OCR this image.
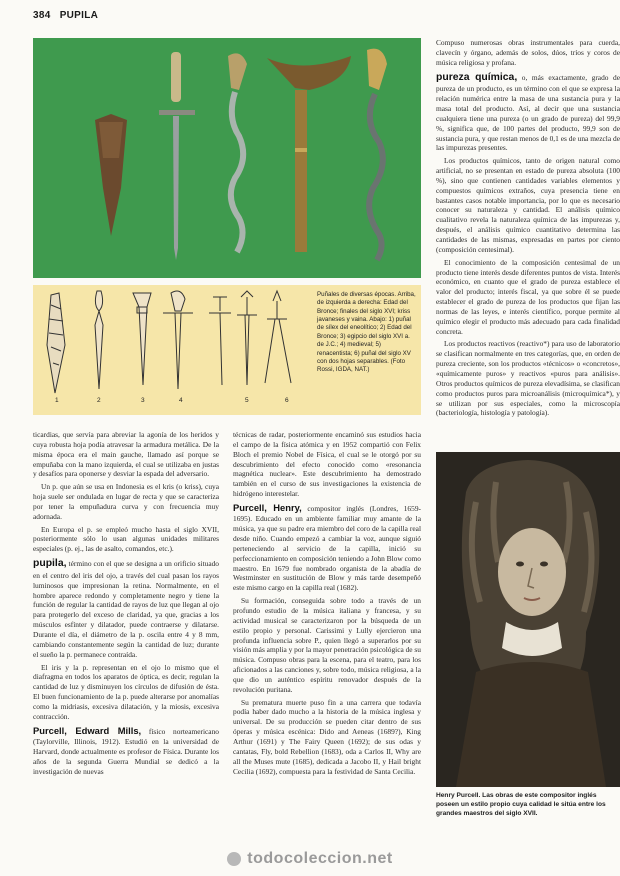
384 PUPILA
1	2	3	4	5	6
Puñales de diversas épocas. Arriba, de izquierda a derecha: Edad del Bronce; finales del siglo XVI; kriss javaneses y vaina. Abajo: 1) puñal de sílex del eneolítico; 2) Edad del Bronce; 3) egipcio del siglo XVI a. de J.C.; 4) medieval; 5) renacentista; 6) puñal del siglo XV con dos hojas separables. (Foto Rossi, IGDA, NAT.)

ticardias, que servía para abreviar la agonía de los heridos y cuya robusta hoja podía atravesar la armadura metálica. De la misma época era el main gauche, llamado así porque se empuñaba con la mano izquierda, el cual se utilizaba en justas y desafíos para oponerse y desviar la espada del adversario.

Un p. que aún se usa en Indonesia es el kris (o kriss), cuya hoja suele ser ondulada en lugar de recta y que se caracteriza por tener la empuñadura curva y con frecuencia muy adornada.

En Europa el p. se empleó mucho hasta el siglo XVII, posteriormente sólo lo usan algunas unidades militares especiales (p. ej., las de asalto, comandos, etc.).

pupila, término con el que se designa a un orificio situado en el centro del iris del ojo, a través del cual pasan los rayos luminosos que impresionan la retina. Normalmente, en el hombre aparece redondo y completamente negro y tiene la función de regular la cantidad de rayos de luz que llegan al ojo para protegerlo del exceso de claridad, ya que, gracias a los músculos esfínter y dilatador, puede contraerse y dilatarse. Durante el día, el diámetro de la p. oscila entre 4 y 8 mm, cambiando constantemente según la cantidad de luz; durante el sueño la p. permanece contraída.

El iris y la p. representan en el ojo lo mismo que el diafragma en todos los aparatos de óptica, es decir, regulan la cantidad de luz y disminuyen los círculos de difusión de ésta. El buen funcionamiento de la p. puede alterarse por anomalías como la midriasis, excesiva dilatación, y la miosis, excesiva contracción.

Purcell, Edward Mills, físico norteamericano (Taylorville, Illinois, 1912). Estudió en la universidad de Harvard, donde actualmente es profesor de Física. Durante los años de la segunda Guerra Mundial se dedicó a la investigación de nuevas

técnicas de radar, posteriormente encaminó sus estudios hacia el campo de la física atómica y en 1952 compartió con Felix Bloch el premio Nobel de Física, el cual se le otorgó por su descubrimiento del efecto conocido como «resonancia magnética nuclear». Este descubrimiento ha demostrado también en el curso de sus investigaciones la existencia de hidrógeno interestelar.

Purcell, Henry, compositor inglés (Londres, 1659-1695). Educado en un ambiente familiar muy amante de la música, ya que su padre era miembro del coro de la capilla real desde niño. Cuando empezó a cambiar la voz, aunque siguió perteneciendo al servicio de la capilla, inició su perfeccionamiento en composición teniendo a John Blow como maestro. En 1679 fue nombrado organista de la abadía de Westminster en sustitución de Blow y más tarde desempeñó este mismo cargo en la capilla real (1682).

Su formación, conseguida sobre todo a través de un profundo estudio de la música italiana y francesa, y su actividad musical se caracterizaron por la búsqueda de un estilo propio y personal. Carissimi y Lully ejercieron una profunda influencia sobre P., quien llegó a superarlos por su visión más amplia y por la mayor penetración psicológica de su música. Compuso obras para la escena, para el teatro, para los aficionados a las canciones y, sobre todo, música religiosa, a la que dio un auténtico espíritu renovador después de la revolución puritana.

Su prematura muerte puso fin a una carrera que todavía podía haber dado mucho a la historia de la música inglesa y universal. De su producción se pueden citar dentro de sus óperas y música escénica: Dido and Aeneas (1689?), King Arthur (1691) y The Fairy Queen (1692); de sus odas y cantatas, Fly, bold Rebellion (1683), oda a Carlos II, Why are all the Muses mute (1685), dedicada a Jacobo II, y Hail bright Cecilia (1692), compuesta para la festividad de Santa Cecilia.

Compuso numerosas obras instrumentales para cuerda, clavecín y órgano, además de solos, dúos, tríos y coros de música religiosa y profana.

pureza química, o, más exactamente, grado de pureza de un producto, es un término con el que se expresa la relación numérica entre la masa de una sustancia pura y la masa total del producto. Así, al decir que una sustancia cualquiera tiene una pureza (o un grado de pureza) del 99,9 %, significa que, de 100 partes del producto, 99,9 son de sustancia pura, y que restan menos de 0,1 es de una mezcla de las impurezas presentes.

Los productos químicos, tanto de origen natural como artificial, no se presentan en estado de pureza absoluta (100 %), sino que contienen cantidades variables elementos y compuestos químicos extraños, cuya presencia tiene en bastantes casos notable importancia, por lo que es necesario conocer su naturaleza y cantidad. El análisis químico cualitativo revela la naturaleza química de las impurezas y, después, el análisis químico cuantitativo determina las cantidades de las mismas, expresadas en partes por ciento (composición centesimal).

El conocimiento de la composición centesimal de un producto tiene interés desde diferentes puntos de vista. Interés económico, en cuanto que el grado de pureza establece el valor del producto; interés fiscal, ya que sobre él se puede establecer el grado de pureza de los productos que fijan las normas de las leyes, e interés científico, porque permite al químico elegir el producto más adecuado para cada finalidad concreta.

Los productos reactivos (reactivo*) para uso de laboratorio se clasifican normalmente en tres categorías, que, en orden de pureza creciente, son los productos «técnicos» o «concretos», «químicamente puros» y reactivos «puros para análisis». Otros productos químicos de pureza elevadísima, se clasifican como productos puros para microanálisis (microquímica*), y se utilizan por sus especiales, como la microscopía (bacteriología, histología y patología).

Henry Purcell. Las obras de este compositor inglés poseen un estilo propio cuya calidad le sitúa entre los grandes maestros del siglo XVII.
todocoleccion.net
